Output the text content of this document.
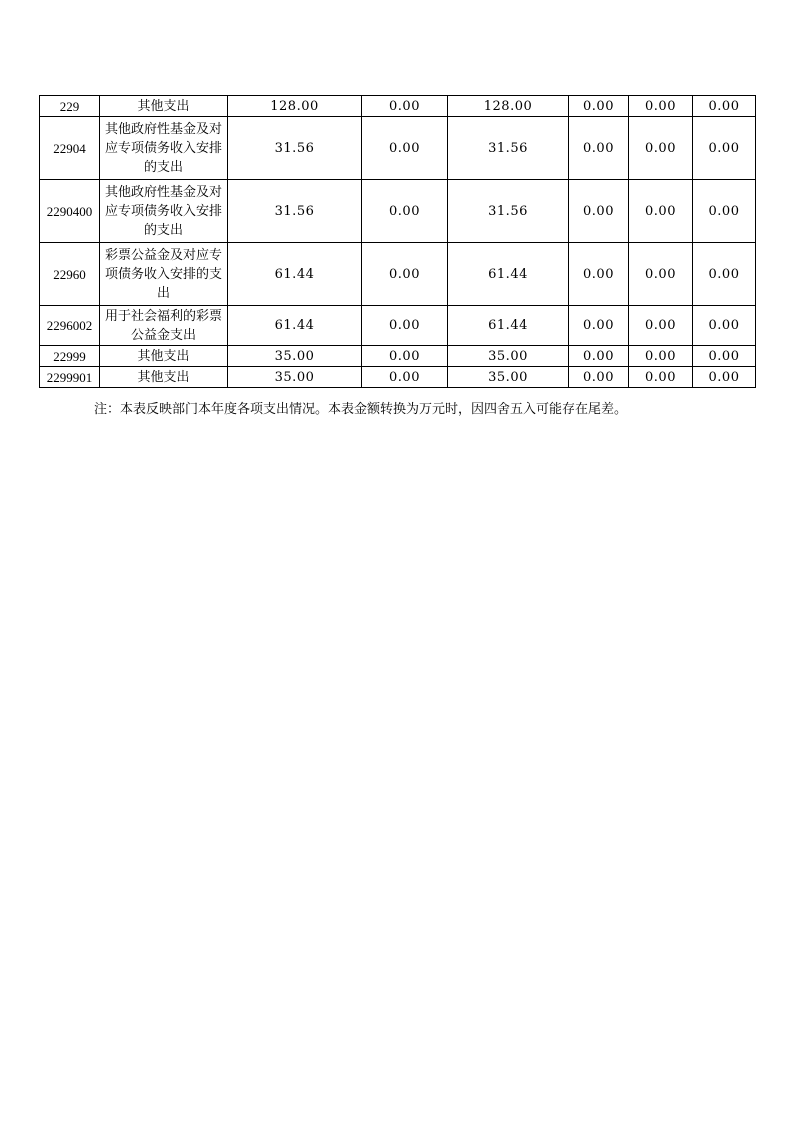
229	其他支出	128.00	0.00	128.00	0.00	0.00	0.00
22904	其他政府性基金及对应专项债务收入安排的支出	31.56	0.00	31.56	0.00	0.00	0.00
2290400	其他政府性基金及对应专项债务收入安排的支出	31.56	0.00	31.56	0.00	0.00	0.00
22960	彩票公益金及对应专项债务收入安排的支出	61.44	0.00	61.44	0.00	0.00	0.00
2296002	用于社会福利的彩票公益金支出	61.44	0.00	61.44	0.00	0.00	0.00
22999	其他支出	35.00	0.00	35.00	0.00	0.00	0.00
2299901	其他支出	35.00	0.00	35.00	0.00	0.00	0.00
注：本表反映部门本年度各项支出情况。本表金额转换为万元时，因四舍五入可能存在尾差。
